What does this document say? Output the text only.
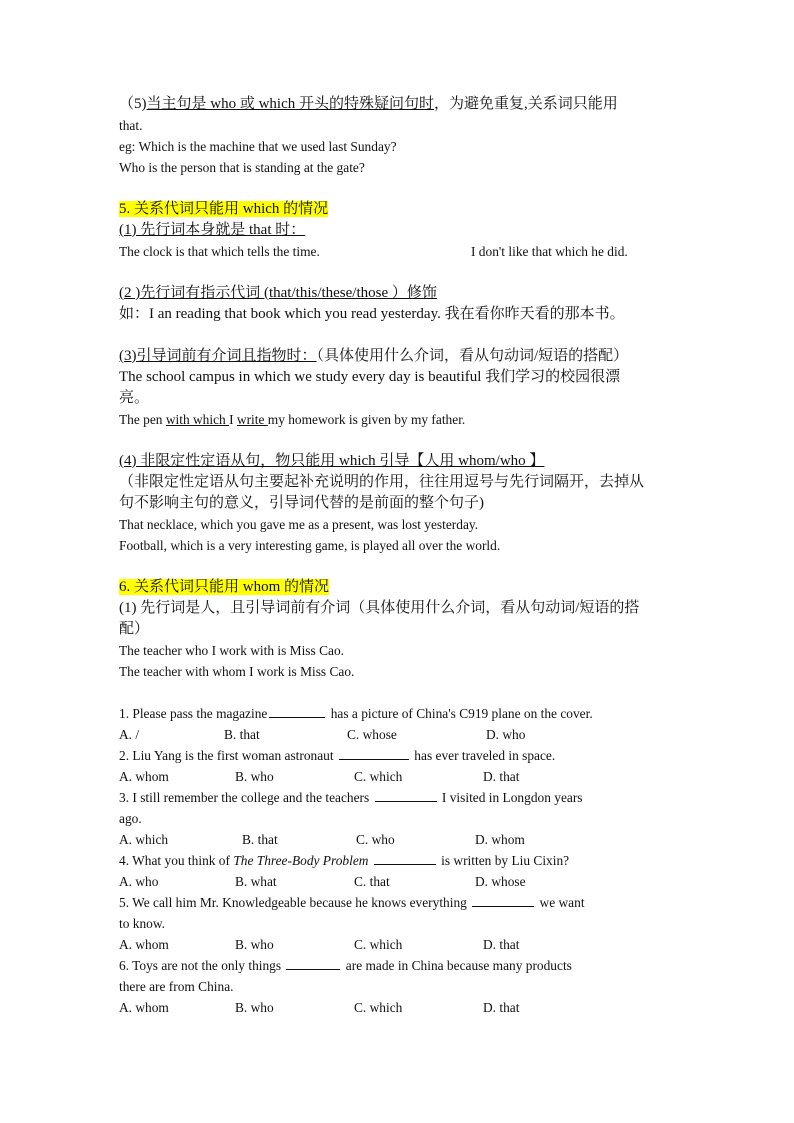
（5)当主句是 who 或 which 开头的特殊疑问句时，为避免重复,关系词只能用
that.
eg: Which is the machine that we used last Sunday?
Who is the person that is standing at the gate?
5. 关系代词只能用 which 的情况
(1) 先行词本身就是 that 时：
The clock is that which tells the time.	I don't like that which he did.
(2 )先行词有指示代词 (that/this/these/those ）修饰
如：I an reading that book which you read yesterday. 我在看你昨天看的那本书。
(3)引导词前有介词且指物时：（具体使用什么介词，看从句动词/短语的搭配）
The school campus in which we study every day is beautiful 我们学习的校园很漂
亮。
The pen with which I write my homework is given by my father.
(4) 非限定性定语从句，物只能用 which 引导【人用 whom/who 】
（非限定性定语从句主要起补充说明的作用，往往用逗号与先行词隔开，去掉从
句不影响主句的意义，引导词代替的是前面的整个句子)
That necklace, which you gave me as a present, was lost yesterday.
Football, which is a very interesting game, is played all over the world.
6. 关系代词只能用 whom 的情况
(1) 先行词是人，且引导词前有介词（具体使用什么介词，看从句动词/短语的搭
配）
The teacher who I work with is Miss Cao.
The teacher with whom I work is Miss Cao.
1. Please pass the magazine	has a picture of China's C919 plane on the cover.
A. /	B. that	C. whose	D. who
2. Liu Yang is the first woman astronaut	has ever traveled in space.
A. whom	B. who	C. which	D. that
3. I still remember the college and the teachers	I visited in Longdon years
ago.
A. which	B. that	C. who	D. whom
4. What you think of The Three-Body Problem	is written by Liu Cixin?
A. who	B. what	C. that	D. whose
5. We call him Mr. Knowledgeable because he knows everything	we want
to know.
A. whom	B. who	C. which	D. that
6. Toys are not the only things	are made in China because many products
there are from China.
A. whom	B. who	C. which	D. that
